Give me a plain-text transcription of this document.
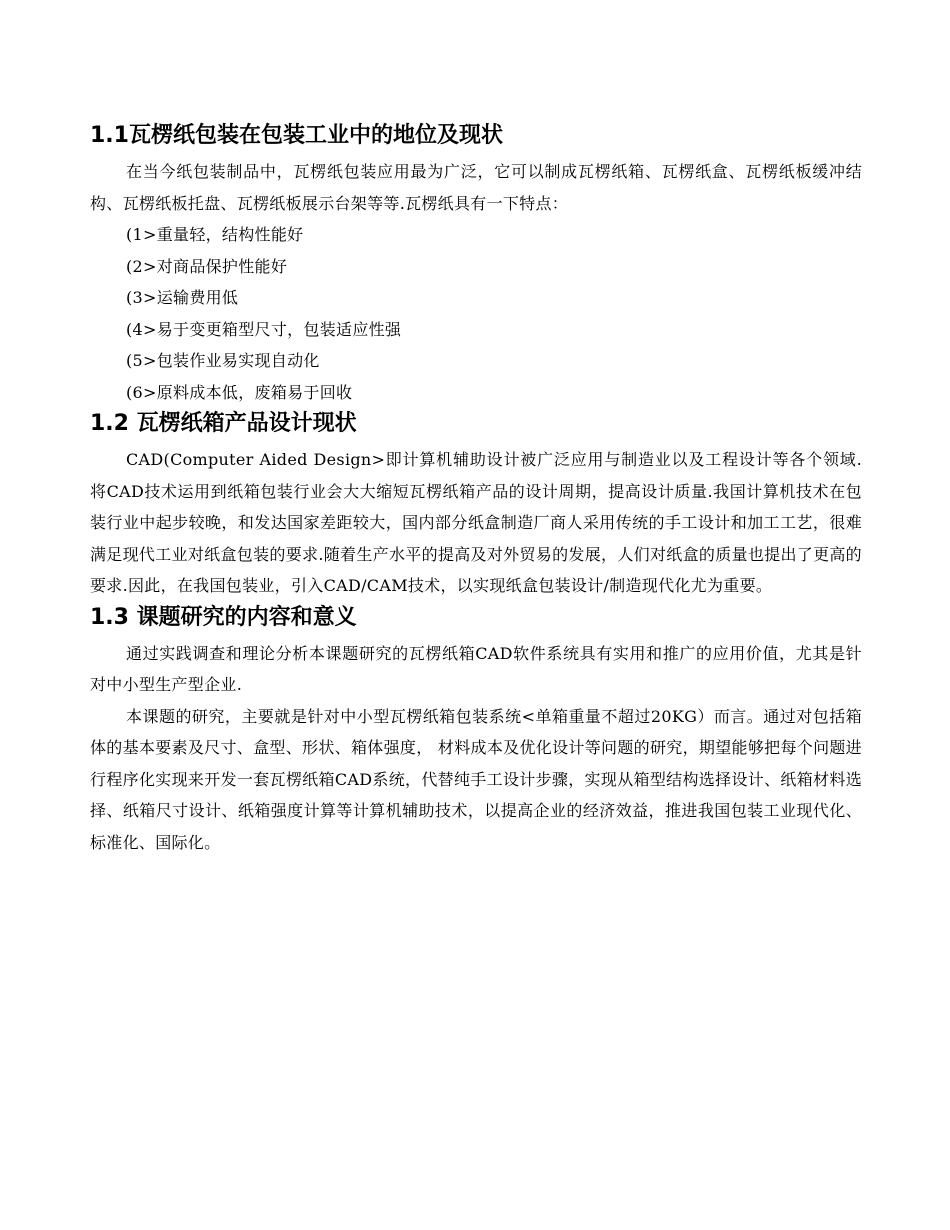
1.1瓦楞纸包装在包装工业中的地位及现状

在当今纸包装制品中，瓦楞纸包装应用最为广泛，它可以制成瓦楞纸箱、瓦楞纸盒、瓦楞纸板缓冲结构、瓦楞纸板托盘、瓦楞纸板展示台架等等.瓦楞纸具有一下特点：

(1>重量轻，结构性能好

(2>对商品保护性能好

(3>运输费用低

(4>易于变更箱型尺寸，包装适应性强

(5>包装作业易实现自动化

(6>原料成本低，废箱易于回收

1.2 瓦楞纸箱产品设计现状

CAD(Computer Aided Design>即计算机辅助设计被广泛应用与制造业以及工程设计等各个领域.将CAD技术运用到纸箱包装行业会大大缩短瓦楞纸箱产品的设计周期，提高设计质量.我国计算机技术在包装行业中起步较晚，和发达国家差距较大，国内部分纸盒制造厂商人采用传统的手工设计和加工工艺，很难满足现代工业对纸盒包装的要求.随着生产水平的提高及对外贸易的发展，人们对纸盒的质量也提出了更高的要求.因此，在我国包装业，引入CAD/CAM技术，以实现纸盒包装设计/制造现代化尤为重要。

1.3 课题研究的内容和意义

通过实践调查和理论分析本课题研究的瓦楞纸箱CAD软件系统具有实用和推广的应用价值，尤其是针对中小型生产型企业.

本课题的研究，主要就是针对中小型瓦楞纸箱包装系统<单箱重量不超过20KG）而言。通过对包括箱体的基本要素及尺寸、盒型、形状、箱体强度， 材料成本及优化设计等问题的研究，期望能够把每个问题进行程序化实现来开发一套瓦楞纸箱CAD系统，代替纯手工设计步骤，实现从箱型结构选择设计、纸箱材料选择、纸箱尺寸设计、纸箱强度计算等计算机辅助技术，以提高企业的经济效益，推进我国包装工业现代化、标准化、国际化。
